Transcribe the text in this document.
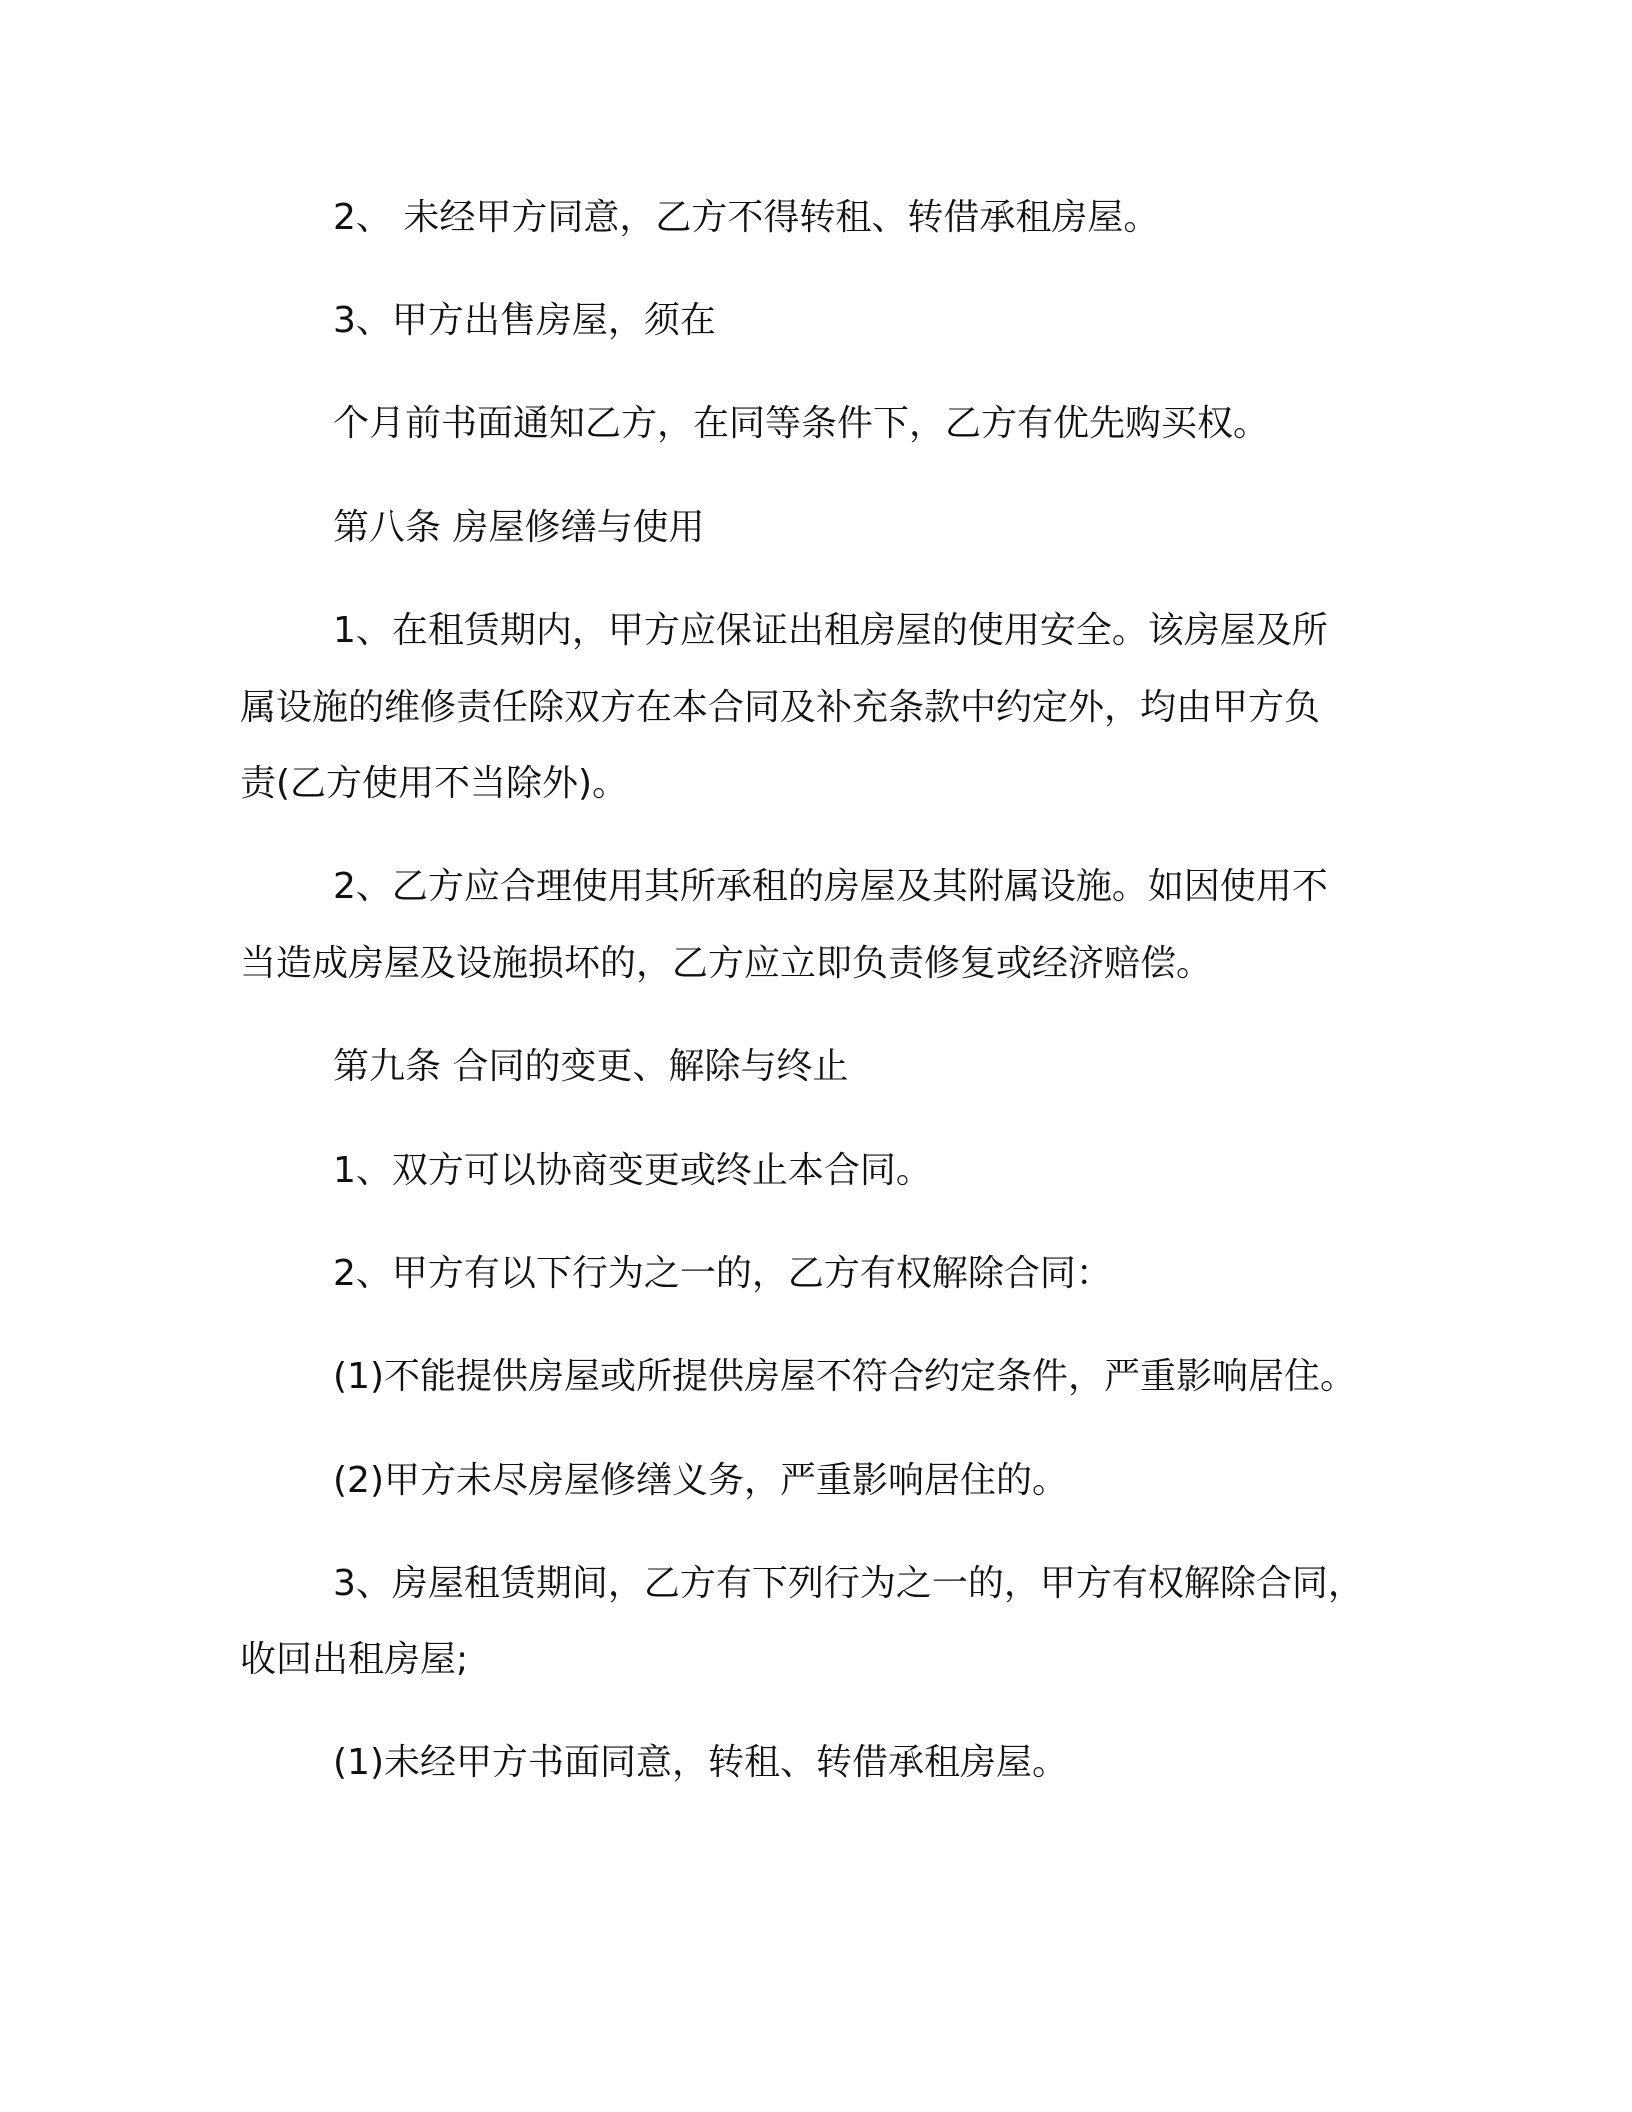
2、 未经甲方同意，乙方不得转租、转借承租房屋。

3、甲方出售房屋，须在

个月前书面通知乙方，在同等条件下，乙方有优先购买权。

第八条 房屋修缮与使用

1、在租赁期内，甲方应保证出租房屋的使用安全。该房屋及所

属设施的维修责任除双方在本合同及补充条款中约定外，均由甲方负

责(乙方使用不当除外)。

2、乙方应合理使用其所承租的房屋及其附属设施。如因使用不

当造成房屋及设施损坏的，乙方应立即负责修复或经济赔偿。

第九条 合同的变更、解除与终止

1、双方可以协商变更或终止本合同。

2、甲方有以下行为之一的，乙方有权解除合同：

(1)不能提供房屋或所提供房屋不符合约定条件，严重影响居住。

(2)甲方未尽房屋修缮义务，严重影响居住的。

3、房屋租赁期间，乙方有下列行为之一的，甲方有权解除合同，

收回出租房屋;

(1)未经甲方书面同意，转租、转借承租房屋。
